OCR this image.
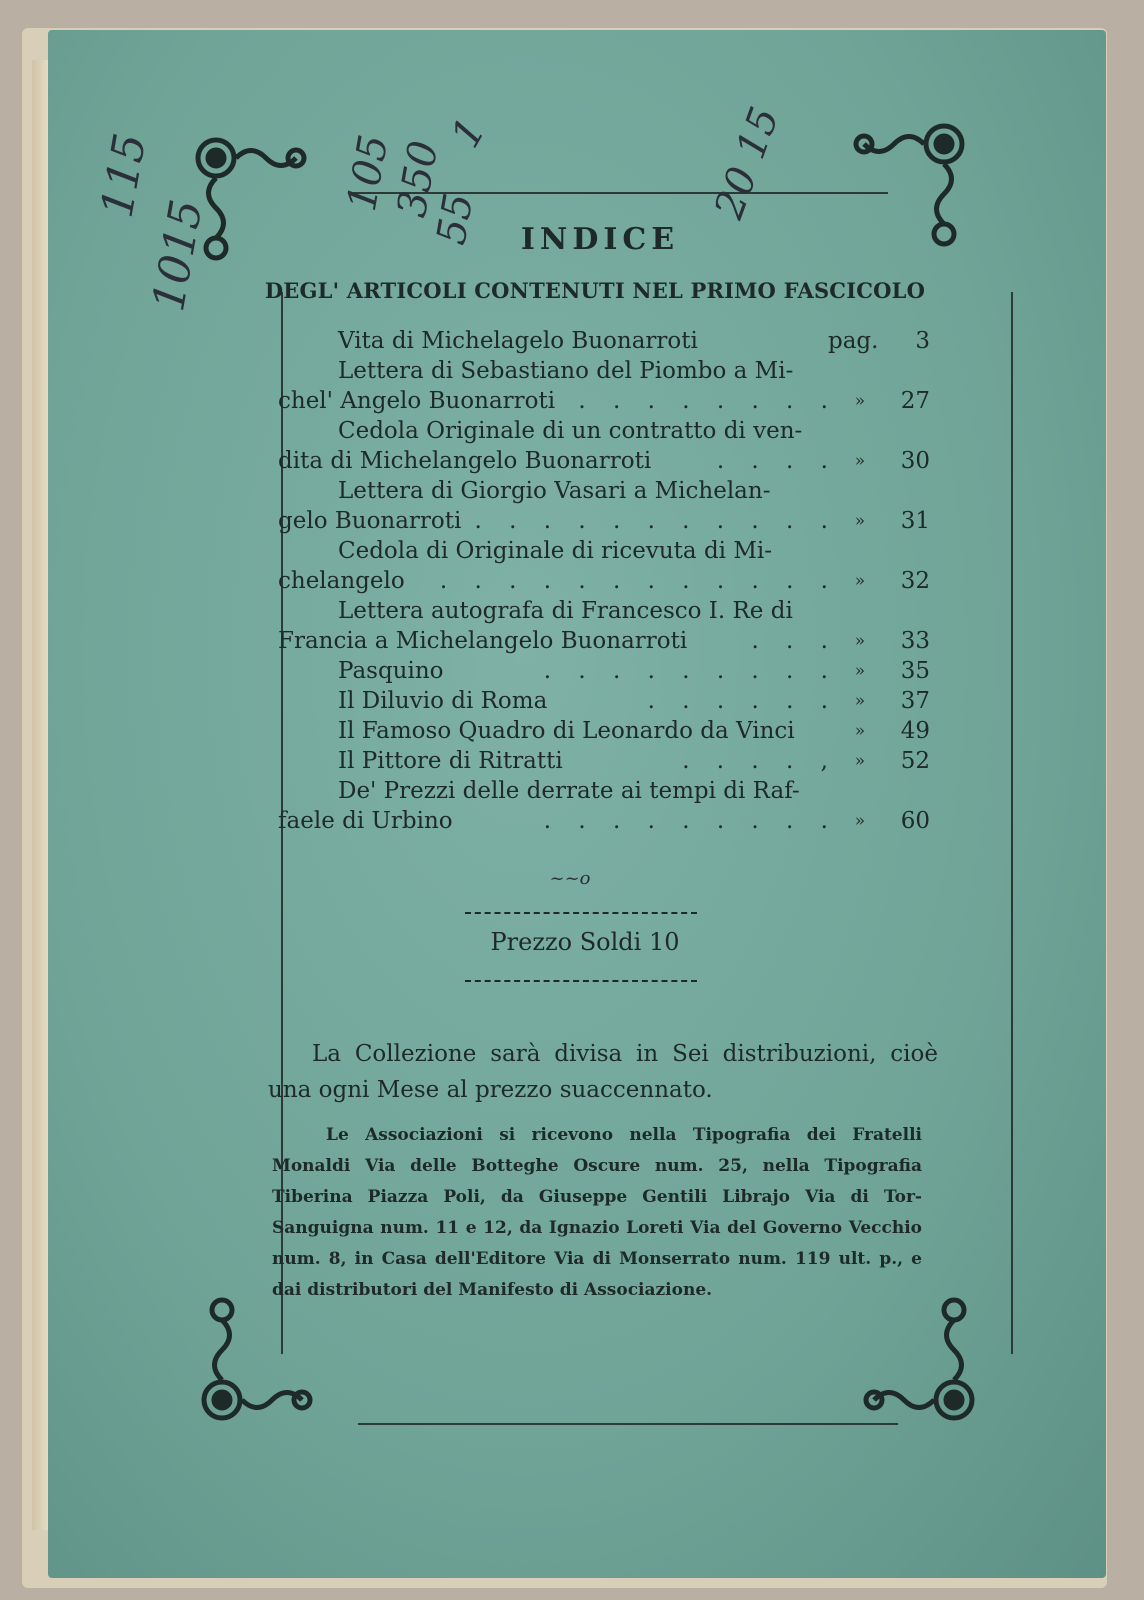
115
1015
105
350
55
1	20 15
INDICE
DEGL' ARTICOLI CONTENUTI NEL PRIMO FASCICOLO
Vita di Michelagelo Buonarroti	pag.	3
Lettera di Sebastiano del Piombo a Mi-
chel' Angelo Buonarroti	. . . . . . . . »	27
Cedola Originale di un contratto di ven-
dita di Michelangelo Buonarroti	. . . . »	30
Lettera di Giorgio Vasari a Michelan-
gelo Buonarroti . . . . . . . . . . . »	31
Cedola di Originale di ricevuta di Mi-
chelangelo	. . . . . . . . . . . . »	32
Lettera autografa di Francesco I. Re di
Francia a Michelangelo Buonarroti	. . . »	33
Pasquino	. . . . . . . . . »	35
Il Diluvio di Roma	. . . . . . »	37
Il Famoso Quadro di Leonardo da Vinci	»	49
Il Pittore di Ritratti	. . . . , »	52
De' Prezzi delle derrate ai tempi di Raf-
faele di Urbino	. . . . . . . . . »	60
~~o
Prezzo Soldi 10
La Collezione sarà divisa in Sei distribuzioni, cioè una ogni Mese al prezzo suaccennato.
Le Associazioni si ricevono nella Tipografia dei Fratelli Monaldi Via delle Botteghe Oscure num. 25, nella Tipografia Tiberina Piazza Poli, da Giuseppe Gentili Librajo Via di Tor-Sanguigna num. 11 e 12, da Ignazio Loreti Via del Governo Vecchio num. 8, in Casa dell'Editore Via di Monserrato num. 119 ult. p., e dai distributori del Manifesto di Associazione.
